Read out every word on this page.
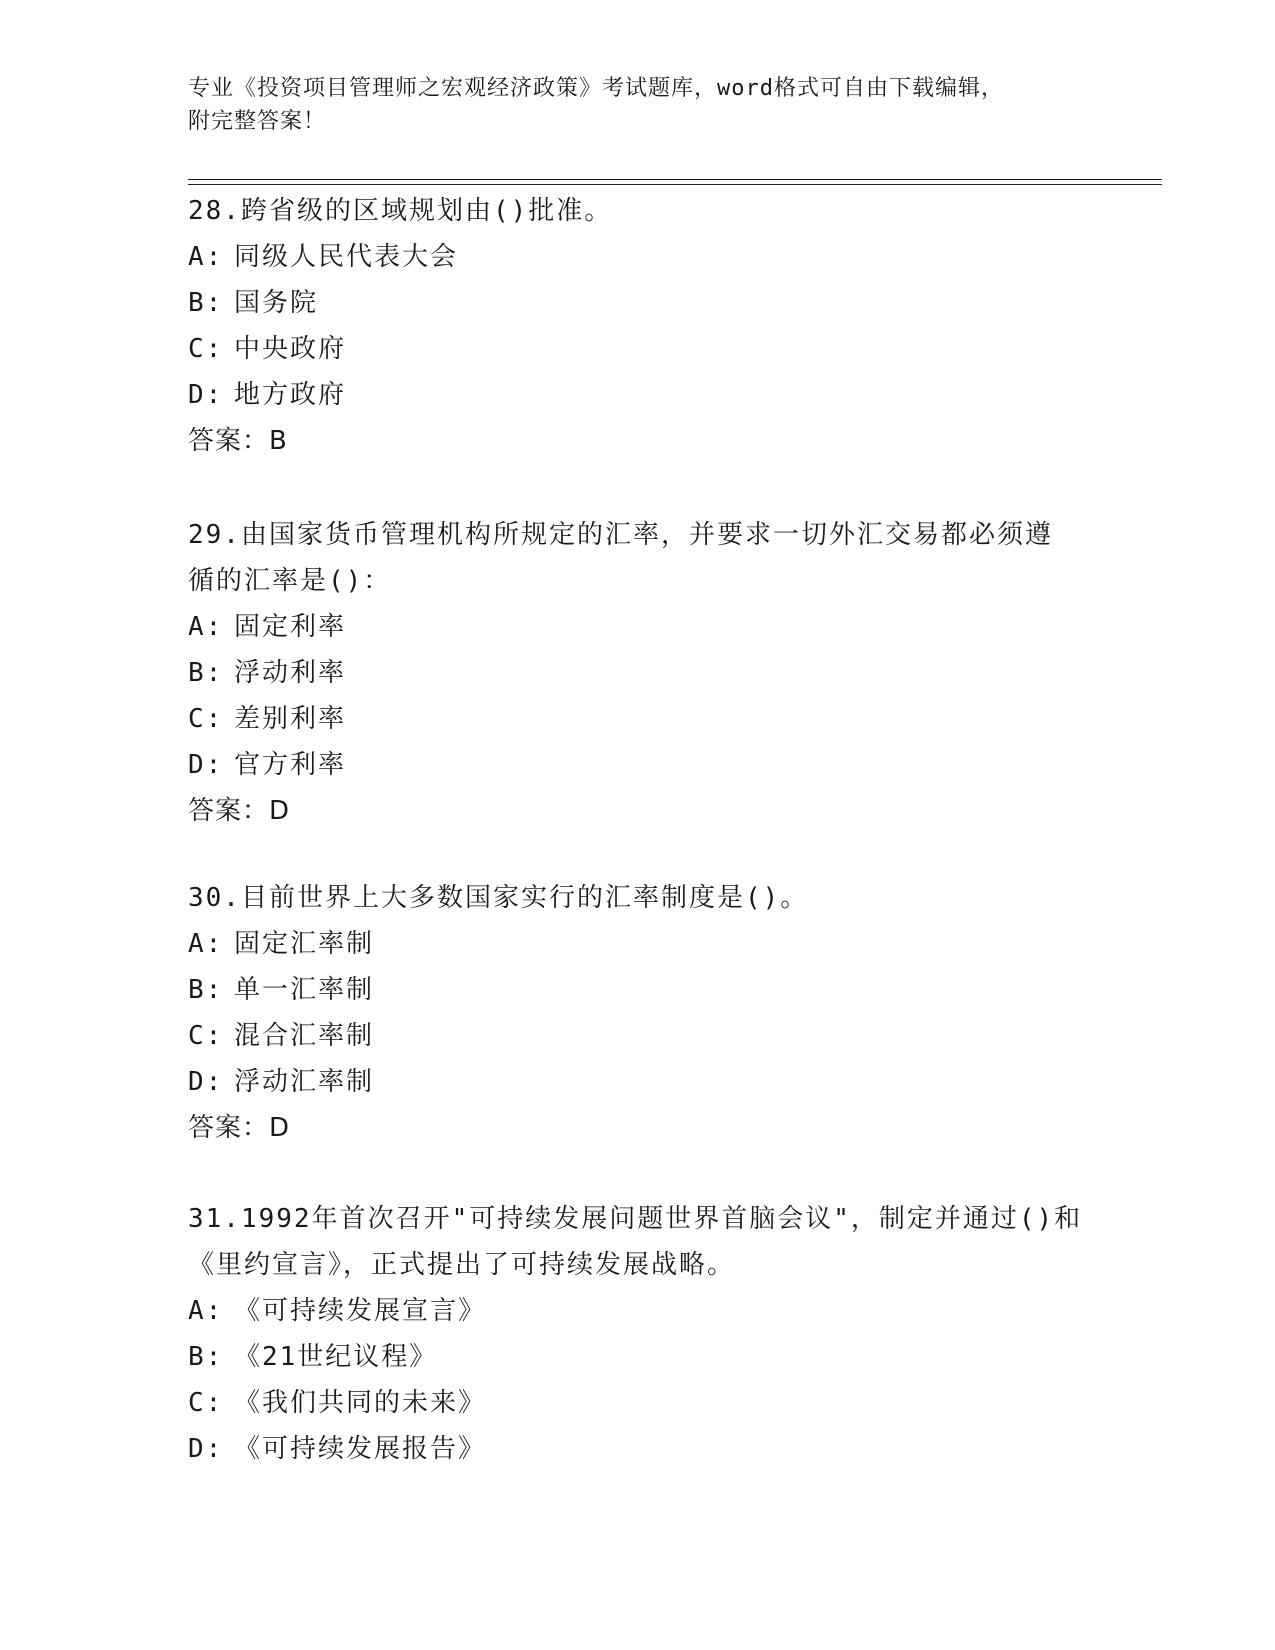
专业《投资项目管理师之宏观经济政策》考试题库，word格式可自由下载编辑，
附完整答案！
28.跨省级的区域规划由()批准。
A: 同级人民代表大会
B: 国务院
C: 中央政府
D: 地方政府
答案：B
29.由国家货币管理机构所规定的汇率，并要求一切外汇交易都必须遵
循的汇率是()：
A: 固定利率
B: 浮动利率
C: 差别利率
D: 官方利率
答案：D
30.目前世界上大多数国家实行的汇率制度是()。
A: 固定汇率制
B: 单一汇率制
C: 混合汇率制
D: 浮动汇率制
答案：D
31.1992年首次召开"可持续发展问题世界首脑会议"，制定并通过()和
《里约宣言》，正式提出了可持续发展战略。
A: 《可持续发展宣言》
B: 《21世纪议程》
C: 《我们共同的未来》
D: 《可持续发展报告》
